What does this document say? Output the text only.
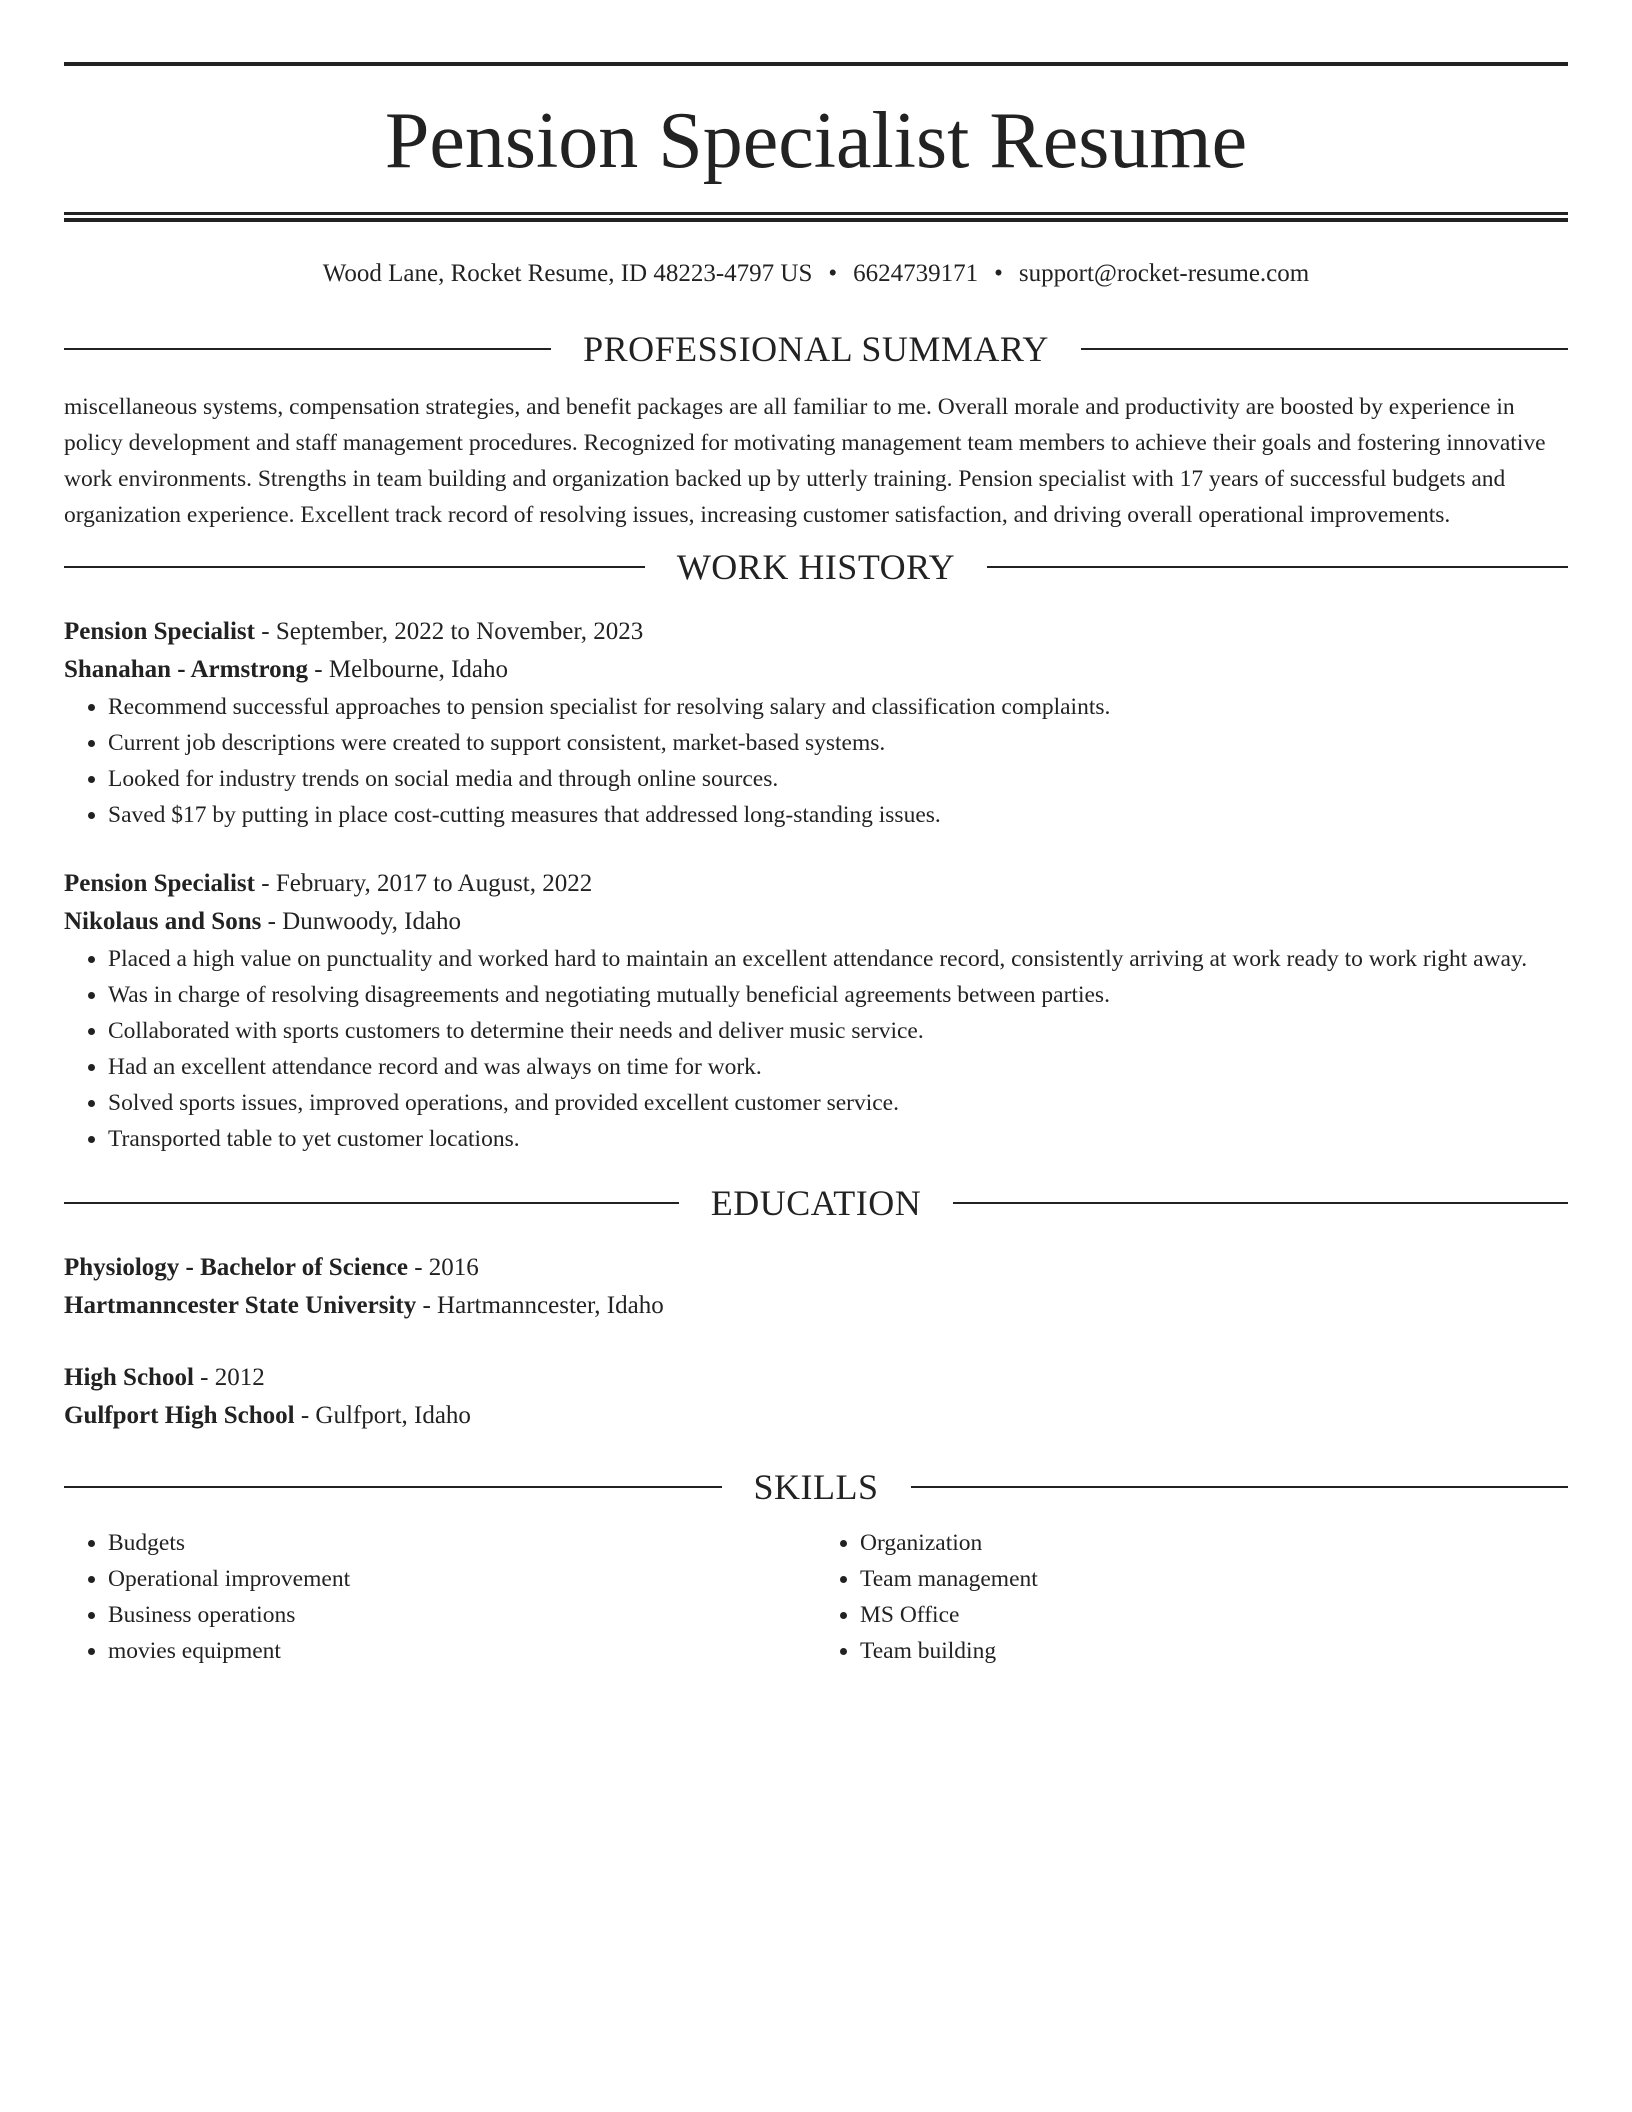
Pension Specialist Resume
Wood Lane, Rocket Resume, ID 48223-4797 US • 6624739171 • support@rocket-resume.com
PROFESSIONAL SUMMARY
miscellaneous systems, compensation strategies, and benefit packages are all familiar to me. Overall morale and productivity are boosted by experience in policy development and staff management procedures. Recognized for motivating management team members to achieve their goals and fostering innovative work environments. Strengths in team building and organization backed up by utterly training. Pension specialist with 17 years of successful budgets and organization experience. Excellent track record of resolving issues, increasing customer satisfaction, and driving overall operational improvements.
WORK HISTORY
Pension Specialist - September, 2022 to November, 2023
Shanahan - Armstrong - Melbourne, Idaho
• Recommend successful approaches to pension specialist for resolving salary and classification complaints.
• Current job descriptions were created to support consistent, market-based systems.
• Looked for industry trends on social media and through online sources.
• Saved $17 by putting in place cost-cutting measures that addressed long-standing issues.
Pension Specialist - February, 2017 to August, 2022
Nikolaus and Sons - Dunwoody, Idaho
• Placed a high value on punctuality and worked hard to maintain an excellent attendance record, consistently arriving at work ready to work right away.
• Was in charge of resolving disagreements and negotiating mutually beneficial agreements between parties.
• Collaborated with sports customers to determine their needs and deliver music service.
• Had an excellent attendance record and was always on time for work.
• Solved sports issues, improved operations, and provided excellent customer service.
• Transported table to yet customer locations.
EDUCATION
Physiology - Bachelor of Science - 2016
Hartmanncester State University - Hartmanncester, Idaho
High School - 2012
Gulfport High School - Gulfport, Idaho
SKILLS
• Budgets
• Operational improvement
• Business operations
• movies equipment
• Organization
• Team management
• MS Office
• Team building
